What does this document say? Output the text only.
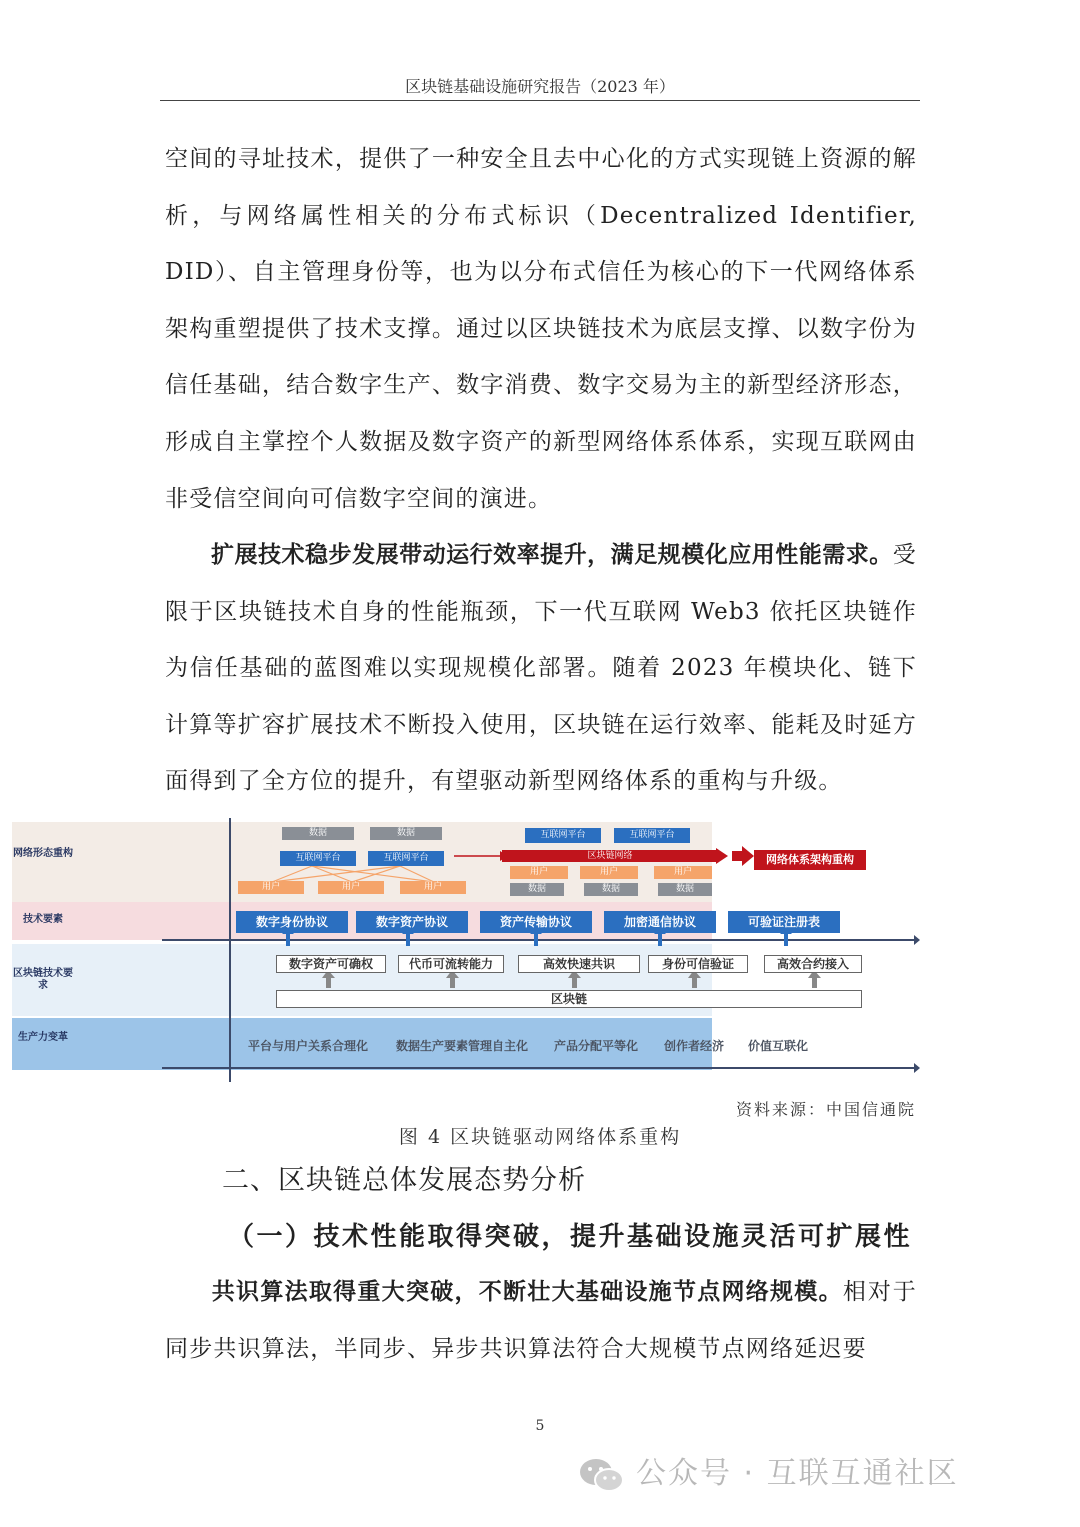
区块链基础设施研究报告（2023 年）

空间的寻址技术，提供了一种安全且去中心化的方式实现链上资源的解析，与网络属性相关的分布式标识（Decentralized Identifier, DID）、自主管理身份等，也为以分布式信任为核心的下一代网络体系架构重塑提供了技术支撑。通过以区块链技术为底层支撑、以数字份为信任基础，结合数字生产、数字消费、数字交易为主的新型经济形态，形成自主掌控个人数据及数字资产的新型网络体系体系，实现互联网由非受信空间向可信数字空间的演进。

扩展技术稳步发展带动运行效率提升，满足规模化应用性能需求。受限于区块链技术自身的性能瓶颈，下一代互联网 Web3 依托区块链作为信任基础的蓝图难以实现规模化部署。随着 2023 年模块化、链下计算等扩容扩展技术不断投入使用，区块链在运行效率、能耗及时延方面得到了全方位的提升，有望驱动新型网络体系的重构与升级。

网络形态重构
技术要素
区块链技术要求
生产力变革
数据	数据
互联网平台	互联网平台
用户	用户	用户
互联网平台	互联网平台
区块链网络
用户	用户	用户
数据	数据	数据
网络体系架构重构
数字身份协议	数字资产协议	资产传输协议	加密通信协议	可验证注册表
数字资产可确权	代币可流转能力	高效快速共识	身份可信验证	高效合约接入
区块链
平台与用户关系合理化 数据生产要素管理自主化 产品分配平等化 创作者经济 价值互联化
资料来源：中国信通院
图 4 区块链驱动网络体系重构
二、区块链总体发展态势分析
（一）技术性能取得突破，提升基础设施灵活可扩展性

共识算法取得重大突破，不断壮大基础设施节点网络规模。相对于同步共识算法，半同步、异步共识算法符合大规模节点网络延迟要

5
公众号 · 互联互通社区
